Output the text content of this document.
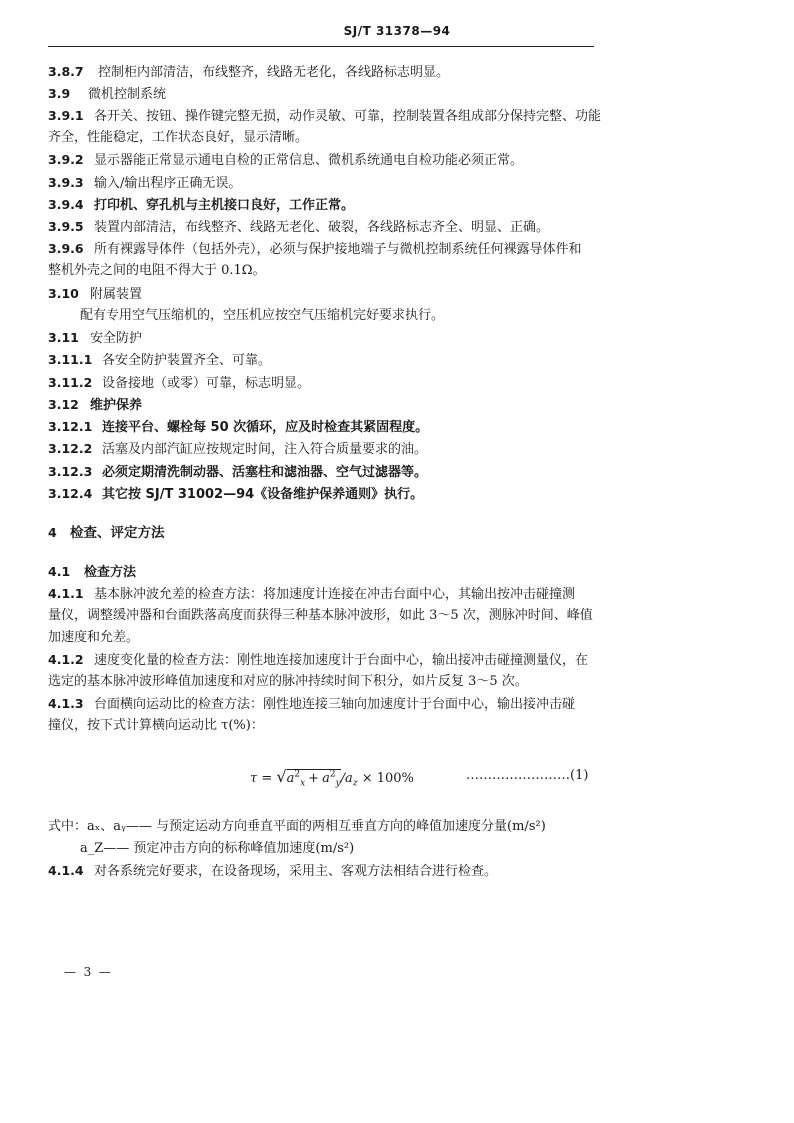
SJ/T 31378—94
3.8.7 控制柜内部清洁，布线整齐，线路无老化，各线路标志明显。
3.9 微机控制系统
3.9.1 各开关、按钮、操作键完整无损，动作灵敏、可靠，控制装置各组成部分保持完整、功能
齐全，性能稳定，工作状态良好，显示清晰。
3.9.2 显示器能正常显示通电自检的正常信息、微机系统通电自检功能必须正常。
3.9.3 输入/输出程序正确无误。
3.9.4 打印机、穿孔机与主机接口良好，工作正常。
3.9.5 装置内部清洁，布线整齐、线路无老化、破裂，各线路标志齐全、明显、正确。
3.9.6 所有裸露导体件（包括外壳），必须与保护接地端子与微机控制系统任何裸露导体件和
整机外壳之间的电阻不得大于 0.1Ω。
3.10 附属装置
配有专用空气压缩机的，空压机应按空气压缩机完好要求执行。
3.11 安全防护
3.11.1 各安全防护装置齐全、可靠。
3.11.2 设备接地（或零）可靠，标志明显。
3.12 维护保养
3.12.1 连接平台、螺栓每 50 次循环，应及时检查其紧固程度。
3.12.2 活塞及内部汽缸应按规定时间，注入符合质量要求的油。
3.12.3 必须定期清洗制动器、活塞柱和滤油器、空气过滤器等。
3.12.4 其它按 SJ/T 31002—94《设备维护保养通则》执行。
4 检查、评定方法
4.1 检查方法
4.1.1 基本脉冲波允差的检查方法：将加速度计连接在冲击台面中心，其输出按冲击碰撞测
量仪，调整缓冲器和台面跌落高度而获得三种基本脉冲波形，如此 3～5 次，测脉冲时间、峰值
加速度和允差。
4.1.2 速度变化量的检查方法：刚性地连接加速度计于台面中心，输出接冲击碰撞测量仪，在
选定的基本脉冲波形峰值加速度和对应的脉冲持续时间下积分，如片反复 3～5 次。
4.1.3 台面横向运动比的检查方法：刚性地连接三轴向加速度计于台面中心，输出接冲击碰
撞仪，按下式计算横向运动比 τ(%)：
$\tau = √a^2_x + a^2_y/a_z \times 100\%$	……………………(1)
式中：aₓ、aᵧ—— 与预定运动方向垂直平面的两相互垂直方向的峰值加速度分量(m/s²)
a_Z—— 预定冲击方向的标称峰值加速度(m/s²)
4.1.4 对各系统完好要求，在设备现场，采用主、客观方法相结合进行检查。
—  3  —
